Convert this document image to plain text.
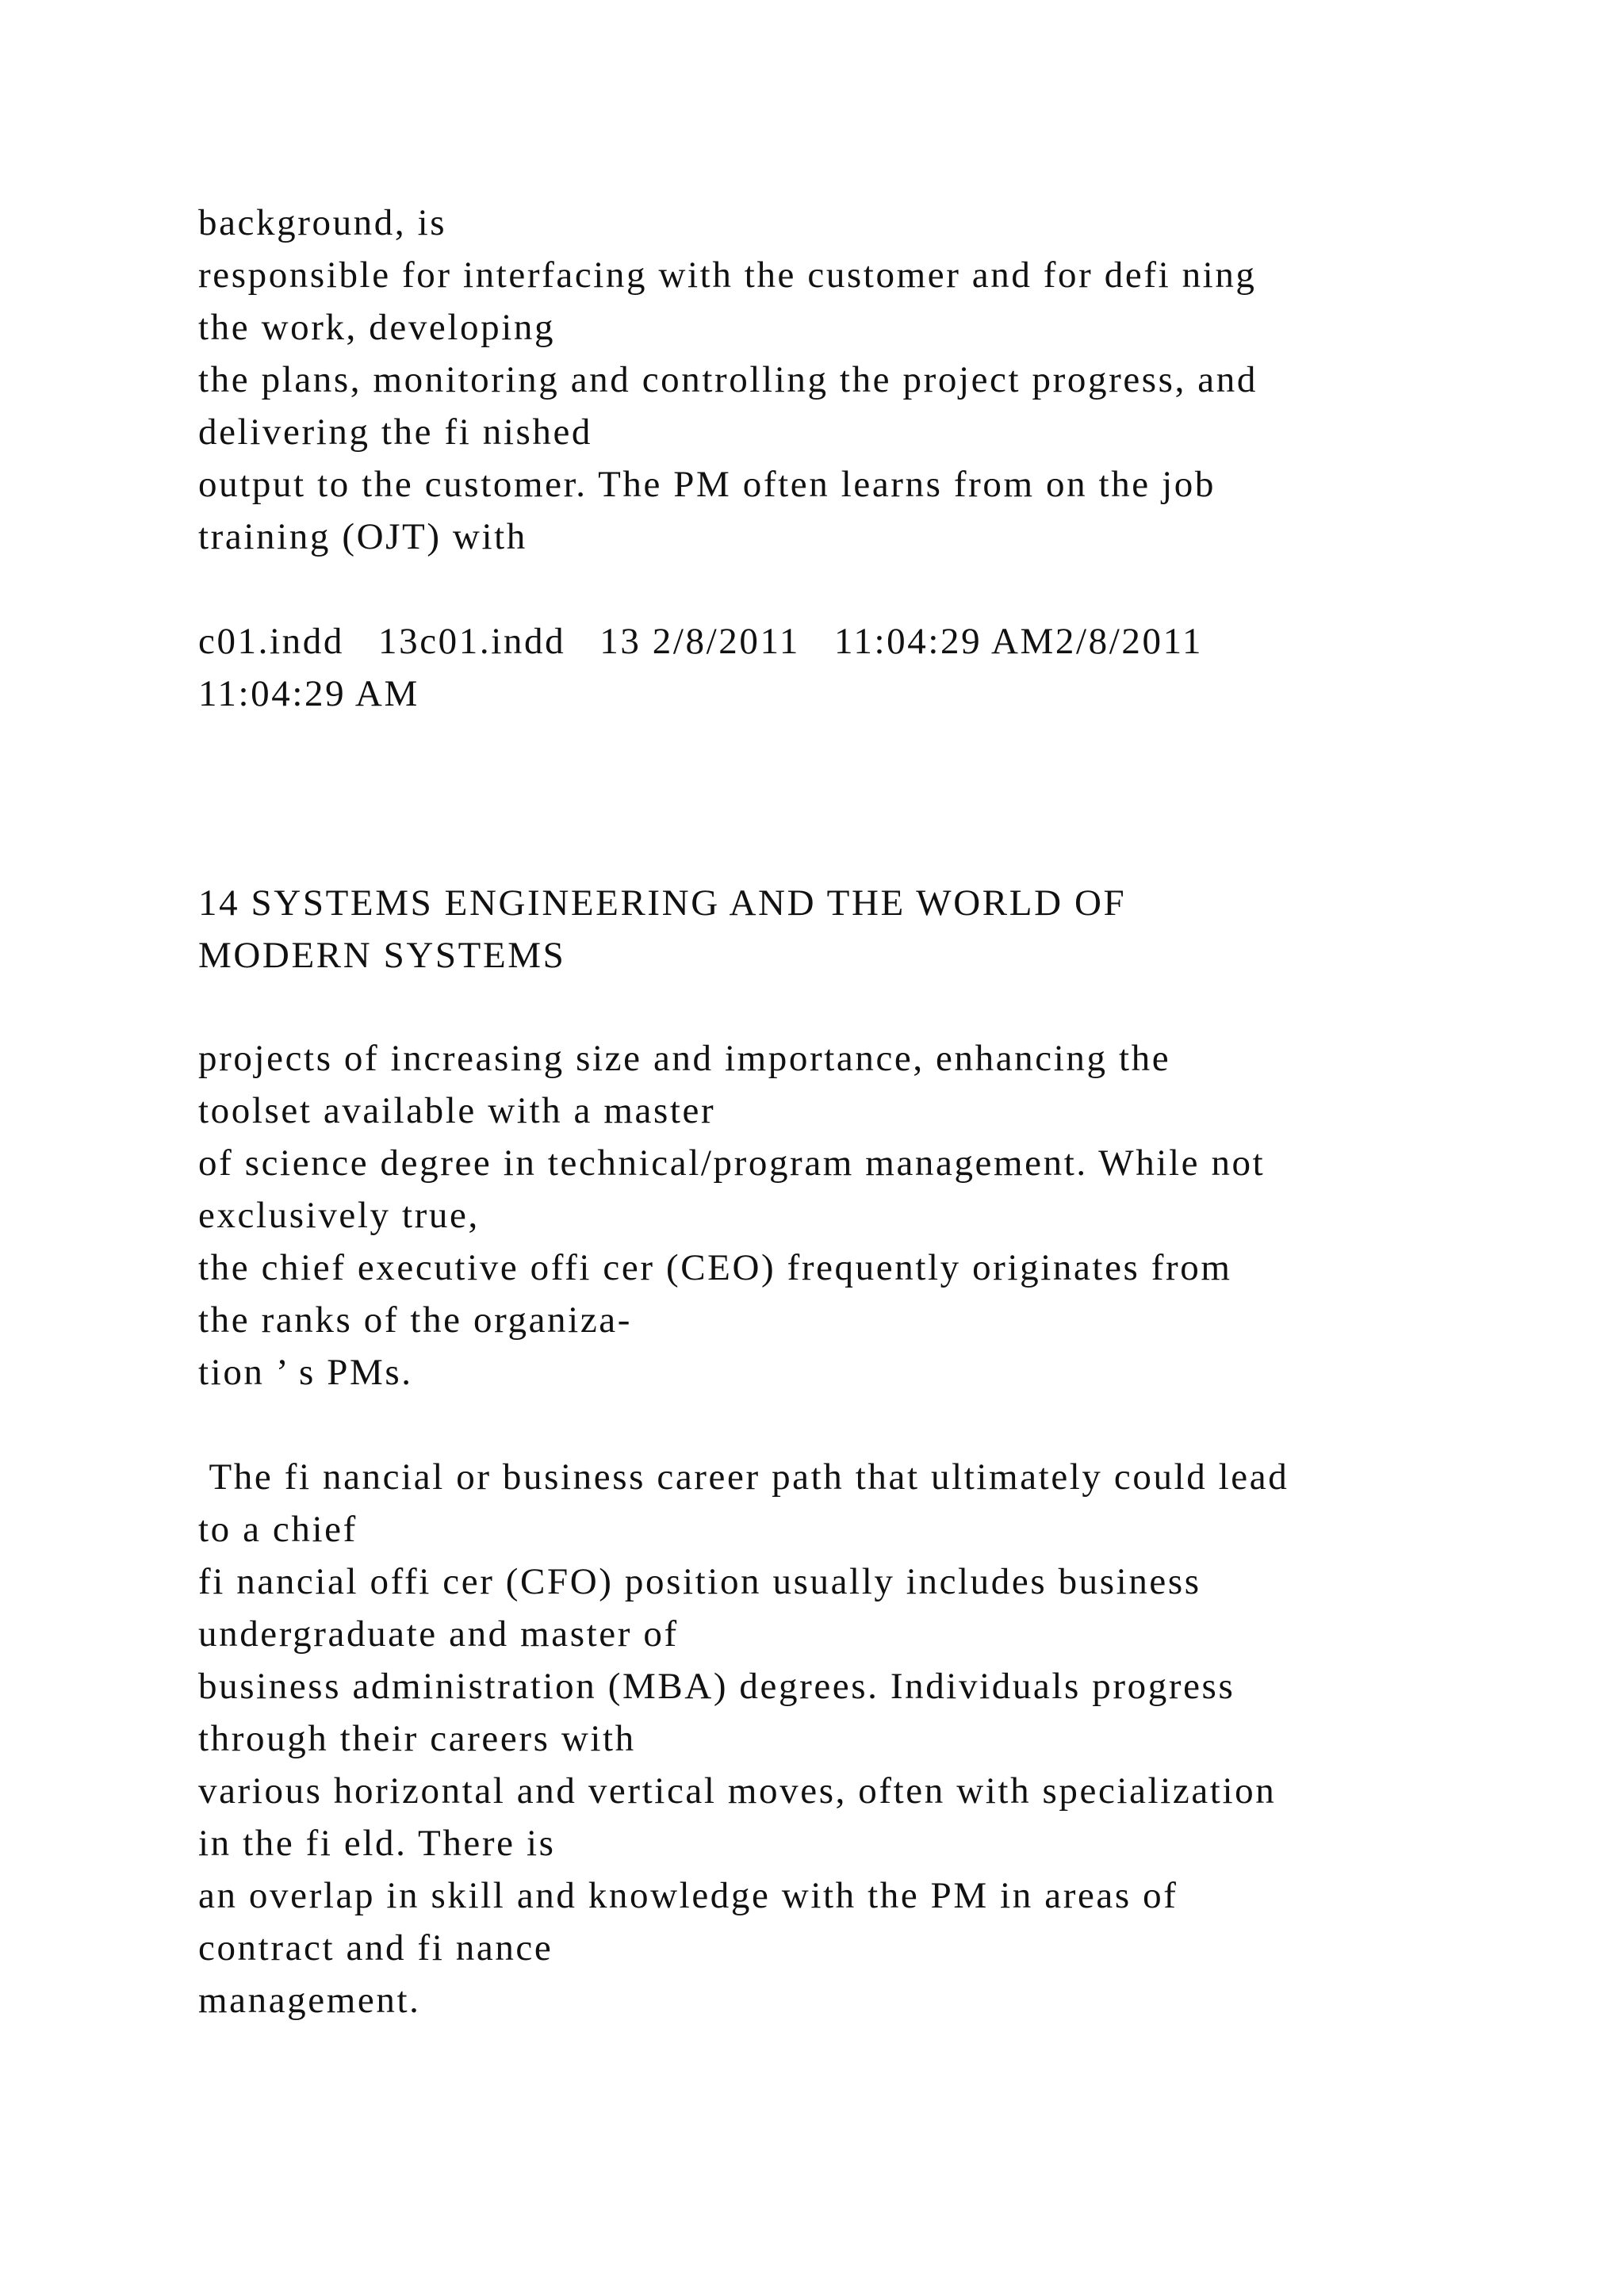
background, is
responsible for interfacing with the customer and for defi ning
the work, developing
the plans, monitoring and controlling the project progress, and
delivering the fi nished
output to the customer. The PM often learns from on the job
training (OJT) with
c01.indd   13c01.indd   13 2/8/2011   11:04:29 AM2/8/2011
11:04:29 AM
14 SYSTEMS ENGINEERING AND THE WORLD OF
MODERN SYSTEMS
projects of increasing size and importance, enhancing the
toolset available with a master
of science degree in technical/program management. While not
exclusively true,
the chief executive offi cer (CEO) frequently originates from
the ranks of the organiza-
tion ’ s PMs.
The fi nancial or business career path that ultimately could lead
to a chief
fi nancial offi cer (CFO) position usually includes business
undergraduate and master of
business administration (MBA) degrees. Individuals progress
through their careers with
various horizontal and vertical moves, often with specialization
in the fi eld. There is
an overlap in skill and knowledge with the PM in areas of
contract and fi nance
management.
